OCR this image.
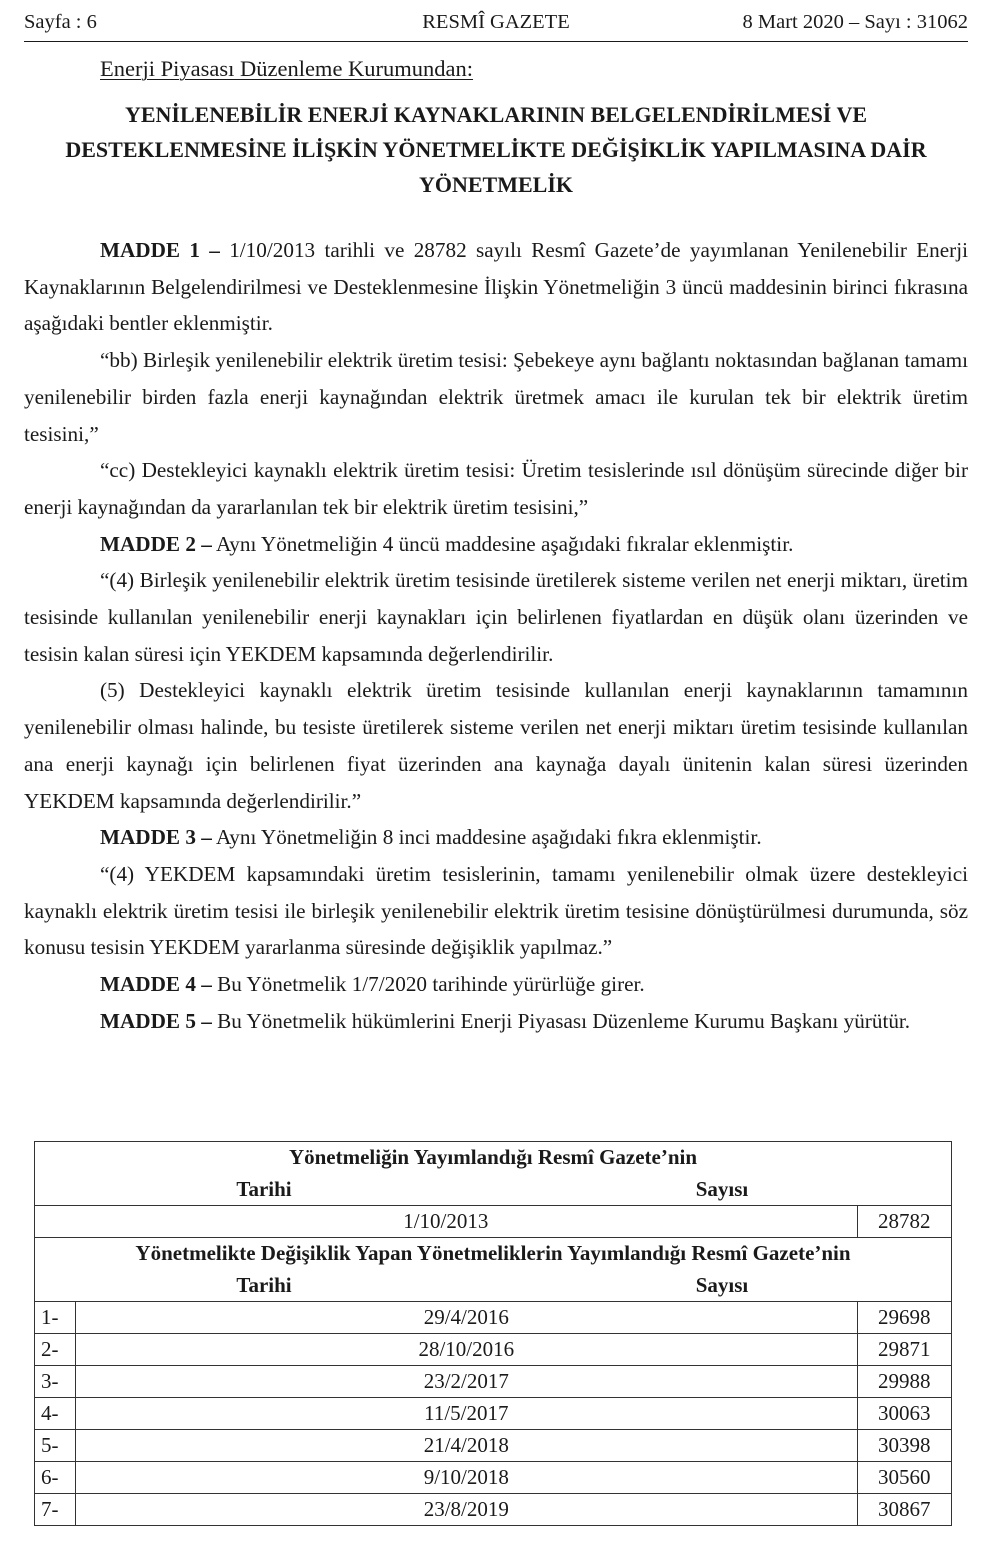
Sayfa : 6	RESMÎ GAZETE	8 Mart 2020 – Sayı : 31062
Enerji Piyasası Düzenleme Kurumundan:
YENİLENEBİLİR ENERJİ KAYNAKLARININ BELGELENDİRİLMESİ VE DESTEKLENMESİNE İLİŞKİN YÖNETMELİKTE DEĞİŞİKLİK YAPILMASINA DAİR YÖNETMELİK

MADDE 1 – 1/10/2013 tarihli ve 28782 sayılı Resmî Gazete’de yayımlanan Yenilenebilir Enerji Kaynaklarının Belgelendirilmesi ve Desteklenmesine İlişkin Yönetmeliğin 3 üncü maddesinin birinci fıkrasına aşağıdaki bentler eklenmiştir.

“bb) Birleşik yenilenebilir elektrik üretim tesisi: Şebekeye aynı bağlantı noktasından bağlanan tamamı yenilenebilir birden fazla enerji kaynağından elektrik üretmek amacı ile kurulan tek bir elektrik üretim tesisini,”

“cc) Destekleyici kaynaklı elektrik üretim tesisi: Üretim tesislerinde ısıl dönüşüm sürecinde diğer bir enerji kaynağından da yararlanılan tek bir elektrik üretim tesisini,”

MADDE 2 – Aynı Yönetmeliğin 4 üncü maddesine aşağıdaki fıkralar eklenmiştir.

“(4) Birleşik yenilenebilir elektrik üretim tesisinde üretilerek sisteme verilen net enerji miktarı, üretim tesisinde kullanılan yenilenebilir enerji kaynakları için belirlenen fiyatlardan en düşük olanı üzerinden ve tesisin kalan süresi için YEKDEM kapsamında değerlendirilir.

(5) Destekleyici kaynaklı elektrik üretim tesisinde kullanılan enerji kaynaklarının tamamının yenilenebilir olması halinde, bu tesiste üretilerek sisteme verilen net enerji miktarı üretim tesisinde kullanılan ana enerji kaynağı için belirlenen fiyat üzerinden ana kaynağa dayalı ünitenin kalan süresi üzerinden YEKDEM kapsamında değerlendirilir.”

MADDE 3 – Aynı Yönetmeliğin 8 inci maddesine aşağıdaki fıkra eklenmiştir.

“(4) YEKDEM kapsamındaki üretim tesislerinin, tamamı yenilenebilir olmak üzere destekleyici kaynaklı elektrik üretim tesisi ile birleşik yenilenebilir elektrik üretim tesisine dönüştürülmesi durumunda, söz konusu tesisin YEKDEM yararlanma süresinde değişiklik yapılmaz.”

MADDE 4 – Bu Yönetmelik 1/7/2020 tarihinde yürürlüğe girer.

MADDE 5 – Bu Yönetmelik hükümlerini Enerji Piyasası Düzenleme Kurumu Başkanı yürütür.

Yönetmeliğin Yayımlandığı Resmî Gazete’nin		

Tarihi Sayısı		

1/10/2013		28782
Yönetmelikte Değişiklik Yapan Yönetmeliklerin Yayımlandığı Resmî Gazete’nin		

Tarihi Sayısı		

1-	29/4/2016	29698
2-	28/10/2016	29871
3-	23/2/2017	29988
4-	11/5/2017	30063
5-	21/4/2018	30398
6-	9/10/2018	30560
7-	23/8/2019	30867
